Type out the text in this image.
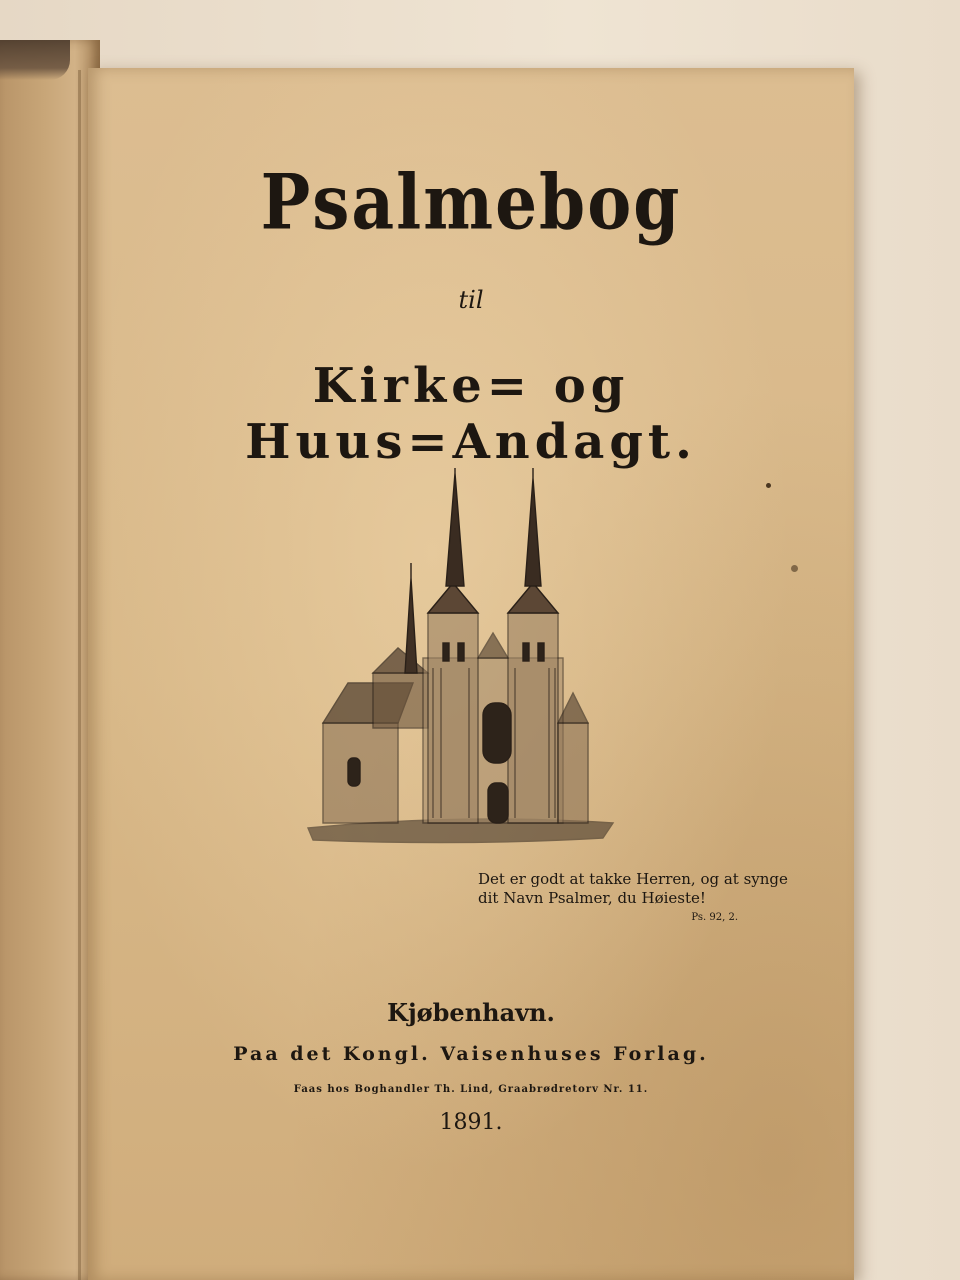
Psalmebog
til
Kirke= og Huus=Andagt.
Det er godt at takke Herren, og at synge
dit Navn Psalmer, du Høieste!
Ps. 92, 2.
Kjøbenhavn.
Paa det Kongl. Vaisenhuses Forlag.
Faas hos Boghandler Th. Lind, Graabrødretorv Nr. 11.
1891.
